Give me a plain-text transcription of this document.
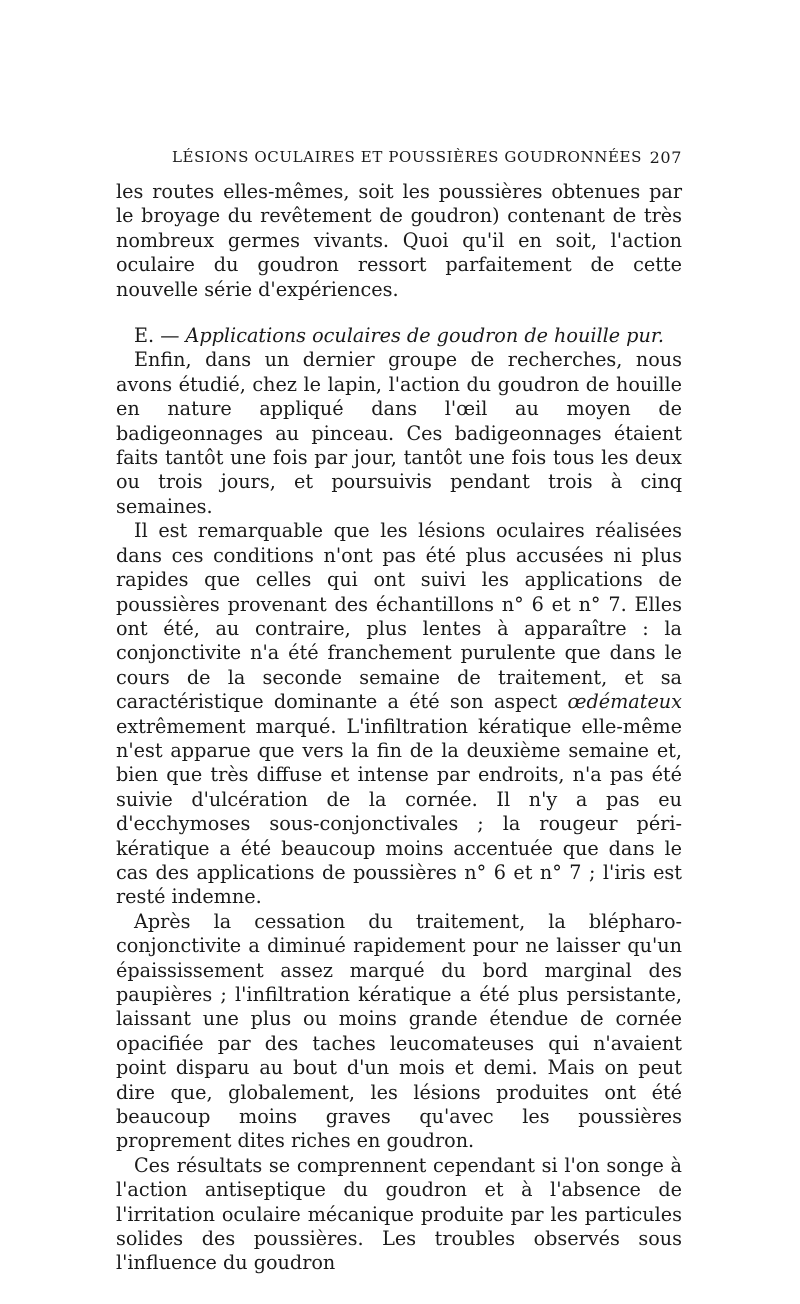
LÉSIONS OCULAIRES ET POUSSIÈRES GOUDRONNÉES 207

les routes elles-mêmes, soit les poussières obtenues par le broyage du revêtement de goudron) contenant de très nombreux germes vivants. Quoi qu'il en soit, l'action oculaire du goudron ressort parfaitement de cette nouvelle série d'expériences.

E. — Applications oculaires de goudron de houille pur.

Enfin, dans un dernier groupe de recherches, nous avons étudié, chez le lapin, l'action du goudron de houille en nature appliqué dans l'œil au moyen de badigeonnages au pinceau. Ces badigeonnages étaient faits tantôt une fois par jour, tantôt une fois tous les deux ou trois jours, et poursuivis pendant trois à cinq semaines.

Il est remarquable que les lésions oculaires réalisées dans ces conditions n'ont pas été plus accusées ni plus rapides que celles qui ont suivi les applications de poussières provenant des échantillons n° 6 et n° 7. Elles ont été, au contraire, plus lentes à apparaître : la conjonctivite n'a été franchement purulente que dans le cours de la seconde semaine de traitement, et sa caractéristique dominante a été son aspect œdémateux extrêmement marqué. L'infiltration kératique elle-même n'est apparue que vers la fin de la deuxième semaine et, bien que très diffuse et intense par endroits, n'a pas été suivie d'ulcération de la cornée. Il n'y a pas eu d'ecchymoses sous-conjonctivales ; la rougeur péri-kératique a été beaucoup moins accentuée que dans le cas des applications de poussières n° 6 et n° 7 ; l'iris est resté indemne.

Après la cessation du traitement, la blépharo-conjonctivite a diminué rapidement pour ne laisser qu'un épaississement assez marqué du bord marginal des paupières ; l'infiltration kératique a été plus persistante, laissant une plus ou moins grande étendue de cornée opacifiée par des taches leucomateuses qui n'avaient point disparu au bout d'un mois et demi. Mais on peut dire que, globalement, les lésions produites ont été beaucoup moins graves qu'avec les poussières proprement dites riches en goudron.

Ces résultats se comprennent cependant si l'on songe à l'action antiseptique du goudron et à l'absence de l'irritation oculaire mécanique produite par les particules solides des poussières. Les troubles observés sous l'influence du goudron
